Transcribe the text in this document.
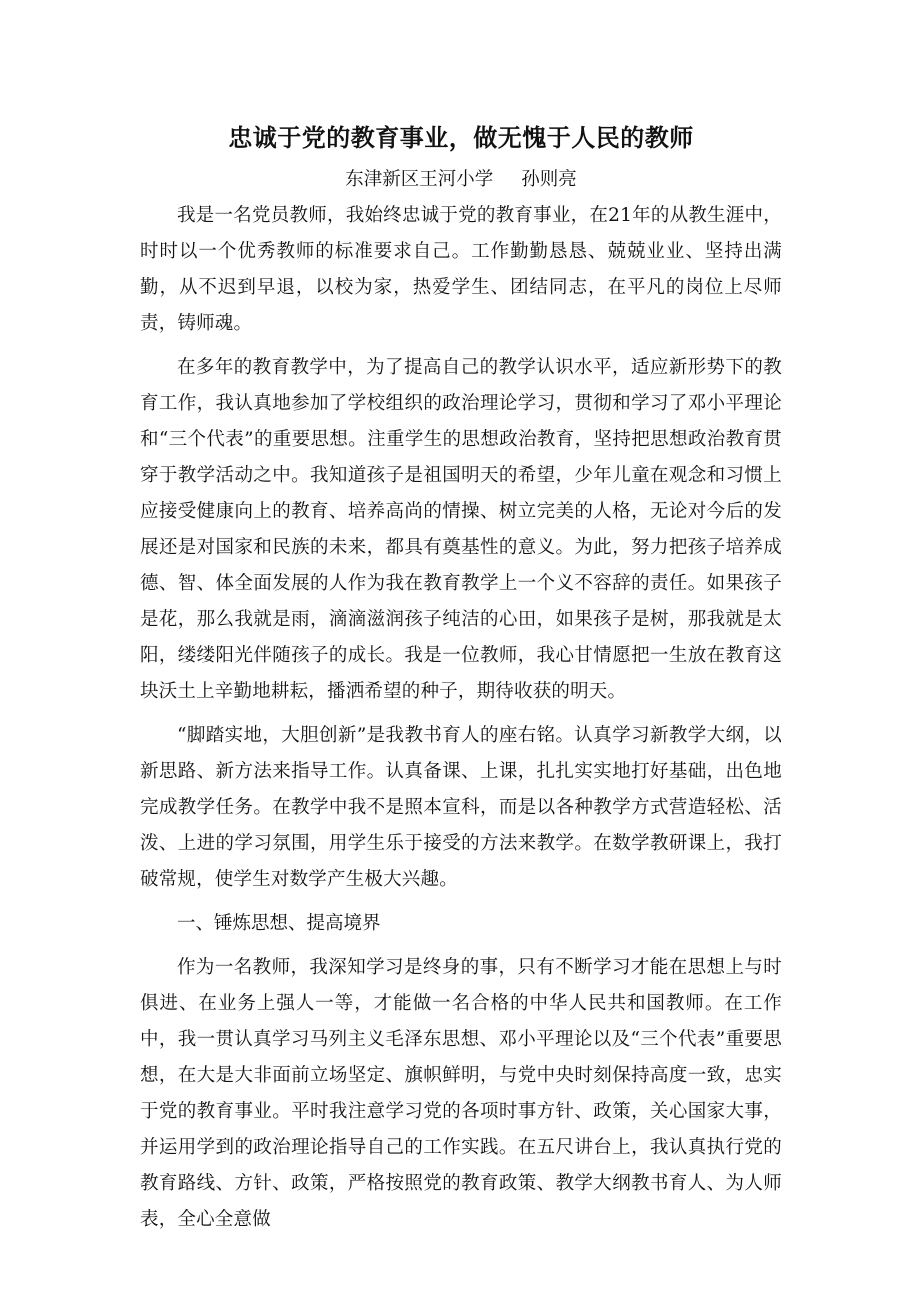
忠诚于党的教育事业，做无愧于人民的教师
东津新区王河小学 孙则亮

我是一名党员教师，我始终忠诚于党的教育事业，在21年的从教生涯中，时时以一个优秀教师的标准要求自己。工作勤勤恳恳、兢兢业业、坚持出满勤，从不迟到早退，以校为家，热爱学生、团结同志，在平凡的岗位上尽师责，铸师魂。

在多年的教育教学中，为了提高自己的教学认识水平，适应新形势下的教育工作，我认真地参加了学校组织的政治理论学习，贯彻和学习了邓小平理论和“三个代表”的重要思想。注重学生的思想政治教育，坚持把思想政治教育贯穿于教学活动之中。我知道孩子是祖国明天的希望，少年儿童在观念和习惯上应接受健康向上的教育、培养高尚的情操、树立完美的人格，无论对今后的发展还是对国家和民族的未来，都具有奠基性的意义。为此，努力把孩子培养成德、智、体全面发展的人作为我在教育教学上一个义不容辞的责任。如果孩子是花，那么我就是雨，滴滴滋润孩子纯洁的心田，如果孩子是树，那我就是太阳，缕缕阳光伴随孩子的成长。我是一位教师，我心甘情愿把一生放在教育这块沃土上辛勤地耕耘，播洒希望的种子，期待收获的明天。

“脚踏实地，大胆创新”是我教书育人的座右铭。认真学习新教学大纲，以新思路、新方法来指导工作。认真备课、上课，扎扎实实地打好基础，出色地完成教学任务。在教学中我不是照本宣科，而是以各种教学方式营造轻松、活泼、上进的学习氛围，用学生乐于接受的方法来教学。在数学教研课上，我打破常规，使学生对数学产生极大兴趣。

一、锤炼思想、提高境界

作为一名教师，我深知学习是终身的事，只有不断学习才能在思想上与时俱进、在业务上强人一等，才能做一名合格的中华人民共和国教师。在工作中，我一贯认真学习马列主义毛泽东思想、邓小平理论以及“三个代表”重要思想，在大是大非面前立场坚定、旗帜鲜明，与党中央时刻保持高度一致，忠实于党的教育事业。平时我注意学习党的各项时事方针、政策，关心国家大事，并运用学到的政治理论指导自己的工作实践。在五尺讲台上，我认真执行党的教育路线、方针、政策，严格按照党的教育政策、教学大纲教书育人、为人师表，全心全意做
